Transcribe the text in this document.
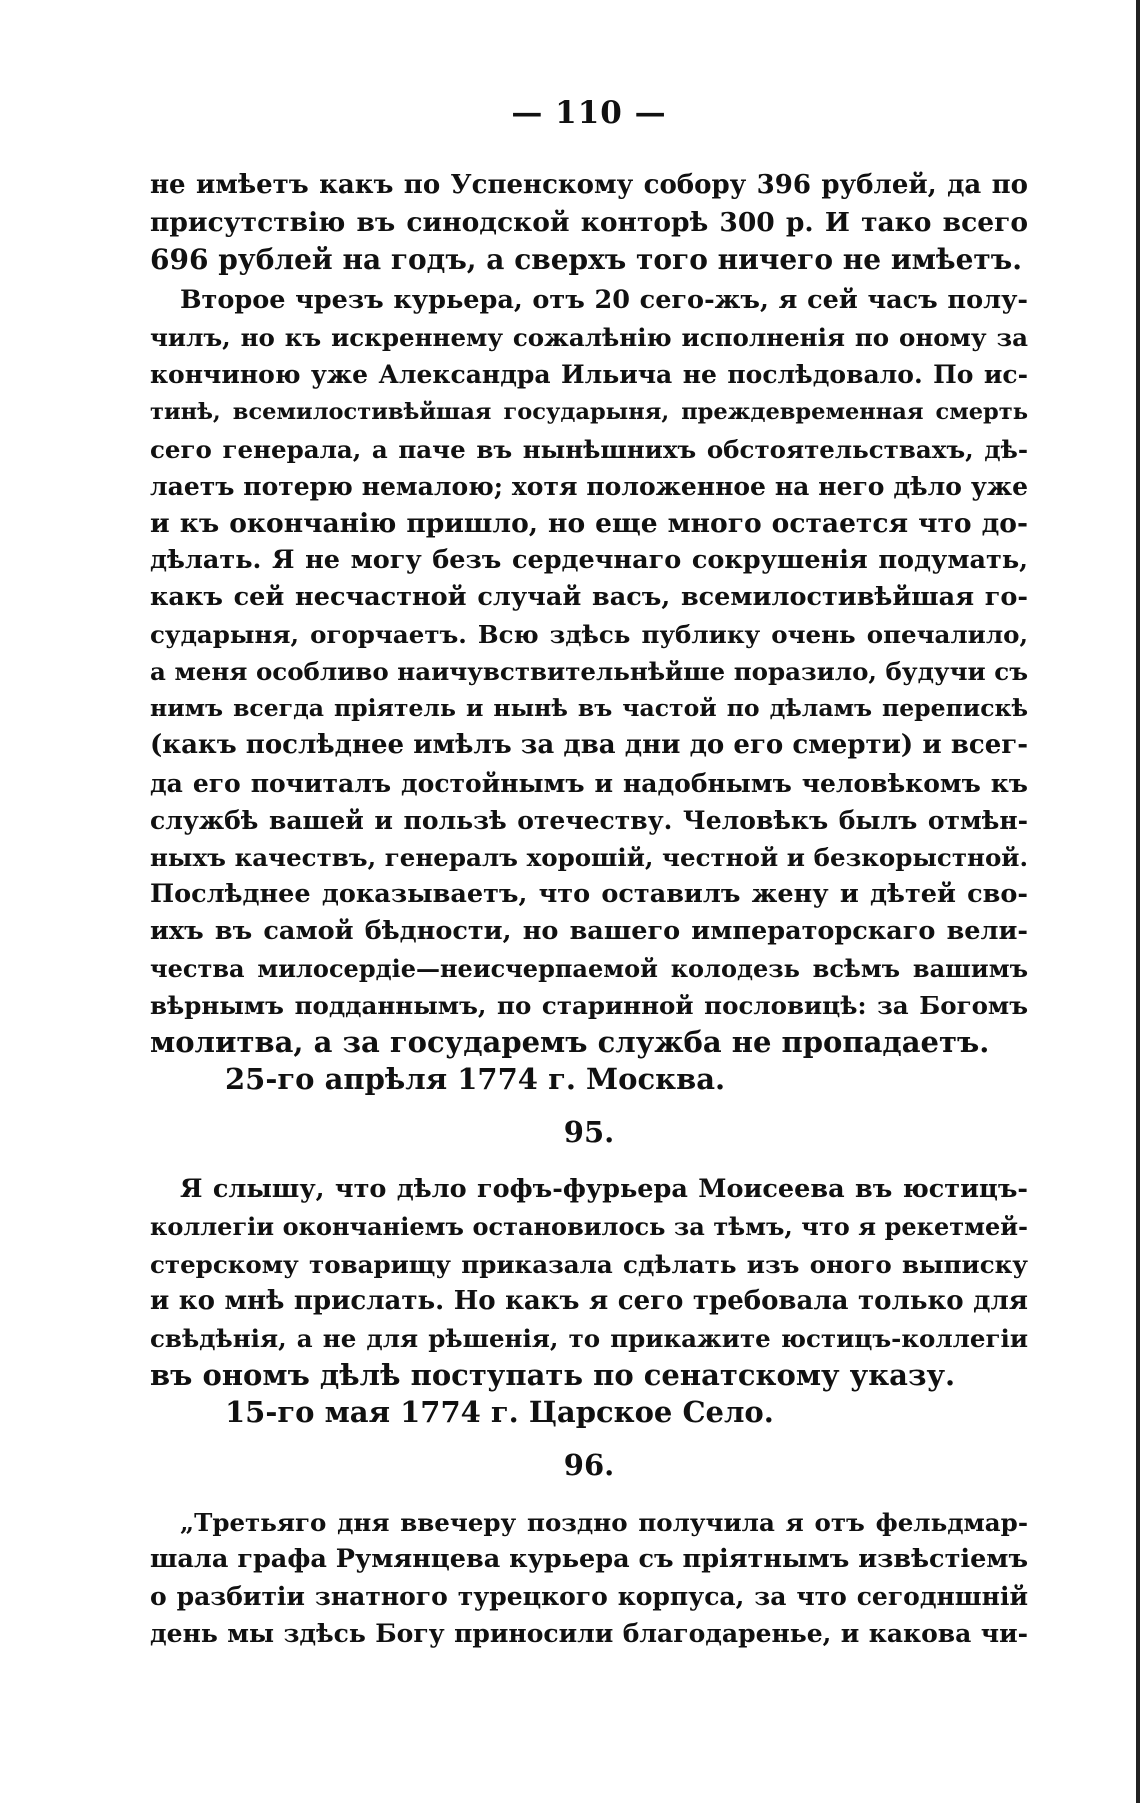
— 110 —
не имѣетъ какъ по Успенскому собору 396 рублей, да по
присутствію въ синодской конторѣ 300 р. И тако всего
696 рублей на годъ, а сверхъ того ничего не имѣетъ.
Второе чрезъ курьера, отъ 20 сего-жъ, я сей часъ полу-
чилъ, но къ искреннему сожалѣнію исполненія по оному за
кончиною уже Александра Ильича не послѣдовало. По ис-
тинѣ, всемилостивѣйшая государыня, преждевременная смерть
сего генерала, а паче въ нынѣшнихъ обстоятельствахъ, дѣ-
лаетъ потерю немалою; хотя положенное на него дѣло уже
и къ окончанію пришло, но еще много остается что до-
дѣлать. Я не могу безъ сердечнаго сокрушенія подумать,
какъ сей несчастной случай васъ, всемилостивѣйшая го-
сударыня, огорчаетъ. Всю здѣсь публику очень опечалило,
а меня особливо наичувствительнѣйше поразило, будучи съ
нимъ всегда пріятель и нынѣ въ частой по дѣламъ перепискѣ
(какъ послѣднее имѣлъ за два дни до его смерти) и всег-
да его почиталъ достойнымъ и надобнымъ человѣкомъ къ
службѣ вашей и пользѣ отечеству. Человѣкъ былъ отмѣн-
ныхъ качествъ, генералъ хорошій, честной и безкорыстной.
Послѣднее доказываетъ, что оставилъ жену и дѣтей сво-
ихъ въ самой бѣдности, но вашего императорскаго вели-
чества милосердіе—неисчерпаемой колодезь всѣмъ вашимъ
вѣрнымъ подданнымъ, по старинной пословицѣ: за Богомъ
молитва, а за государемъ служба не пропадаетъ.
25-го апрѣля 1774 г. Москва.
95.
Я слышу, что дѣло гофъ-фурьера Моисеева въ юстицъ-
коллегіи окончаніемъ остановилось за тѣмъ, что я рекетмей-
стерскому товарищу приказала сдѣлать изъ оного выписку
и ко мнѣ прислать. Но какъ я сего требовала только для
свѣдѣнія, а не для рѣшенія, то прикажите юстицъ-коллегіи
въ ономъ дѣлѣ поступать по сенатскому указу.
15-го мая 1774 г. Царское Село.
96.
„Третьяго дня ввечеру поздно получила я отъ фельдмар-
шала графа Румянцева курьера съ пріятнымъ извѣстіемъ
о разбитіи знатного турецкого корпуса, за что сегодншній
день мы здѣсь Богу приносили благодаренье, и какова чи-
